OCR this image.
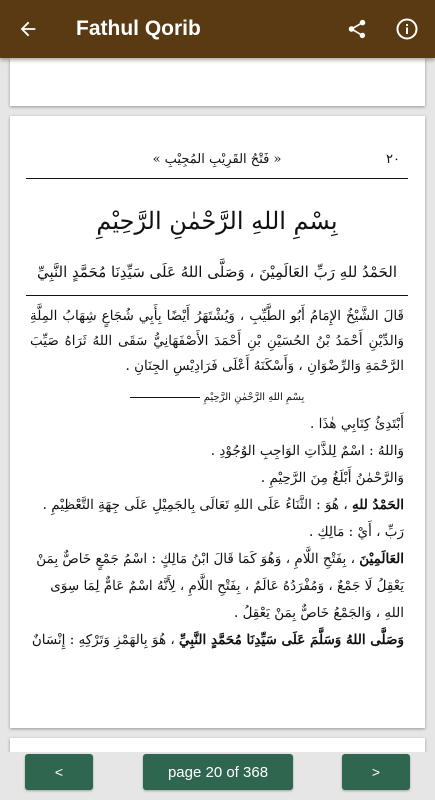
Fathul Qorib
٢٠
« فَتْحُ القَرِيْبِ المُجِيْبِ »
بِسْمِ اللهِ الرَّحْمٰنِ الرَّحِيْمِ
الحَمْدُ للهِ رَبِّ العَالَمِيْنَ ، وَصَلَّى اللهُ عَلَى سَيِّدِنَا مُحَمَّدٍ النَّبِيِّ

قَالَ الشَّيْخُ الإِمَامُ أَبُو الطَّيِّبِ ، وَيُشْتَهَرُ أَيْضًا بِأَبِي شُجَاعٍ شِهَابُ المِلَّةِ وَالدِّيْنِ أَحْمَدُ بْنُ الحُسَيْنِ بْنِ أَحْمَدَ الأَصْفَهَانِيُّ سَقَى اللهُ ثَرَاهُ صَيِّبَ الرَّحْمَةِ وَالرِّضْوَانِ ، وَأَسْكَنَهُ أَعْلَى فَرَادِيْسِ الجِنَانِ .

بِسْمِ اللهِ الرَّحْمٰنِ الرَّحِيْمِ
أَبْتَدِئُ كِتَابِي هٰذَا .
وَاللهُ : اسْمٌ لِلذَّاتِ الوَاجِبِ الوُجُوْدِ .
وَالرَّحْمٰنُ أَبْلَغُ مِنَ الرَّحِيْمِ .
الحَمْدُ للهِ ، هُوَ : الثَّنَاءُ عَلَى اللهِ تَعَالَى بِالجَمِيْلِ عَلَى جِهَةِ التَّعْظِيْمِ .
رَبِّ ، أَيْ : مَالِكِ .
العَالَمِيْنَ ، بِفَتْحِ اللَّامِ ، وَهُوَ كَمَا قَالَ ابْنُ مَالِكٍ : اسْمُ جَمْعٍ خَاصٌّ بِمَنْ يَعْقِلُ لَا جَمْعٌ ، وَمُفْرَدُهُ عَالَمٌ ، بِفَتْحِ اللَّامِ ، لِأَنَّهُ اسْمٌ عَامٌّ لِمَا سِوَى اللهِ ، وَالجَمْعُ خَاصٌّ بِمَنْ يَعْقِلُ .
وَصَلَّى اللهُ وَسَلَّمَ عَلَى سَيِّدِنَا مُحَمَّدٍ النَّبِيِّ ، هُوَ بِالهَمْزِ وَتَرْكِهِ : إِنْسَانٌ
<	page 20 of 368	>
